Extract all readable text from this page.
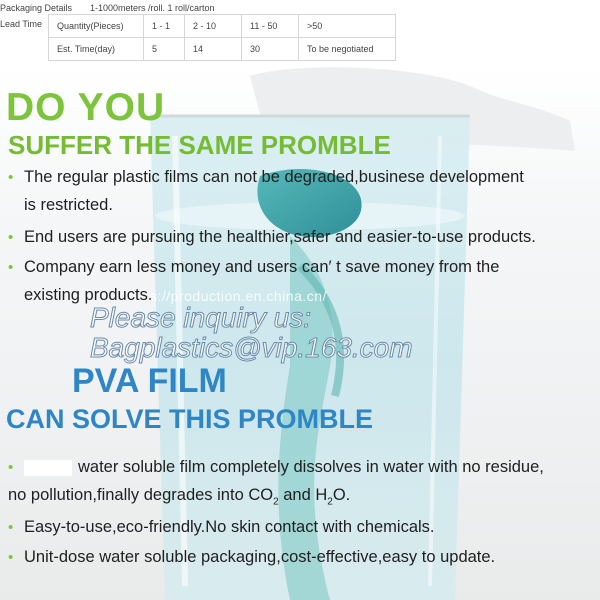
Packaging Details 1-1000meters /roll. 1 roll/carton
Lead Time Quantity(Pieces)	1 - 1	2 - 10	11 - 50	>50
Est. Time(day)	5	14	30	To be negotiated
DO YOU
SUFFER THE SAME PROMBLE
• The regular plastic films can not be degraded,businese development
is restricted.
• End users are pursuing the healthier,safer and easier-to-use products.
• Company earn less money and users can′ t save money from the
existing products.
s://production.en.china.cn/
Please inquiry us:
Bagplastics@vip.163.com
PVA FILM
CAN SOLVE THIS PROMBLE
•	water soluble film completely dissolves in water with no residue,
no pollution,finally degrades into $CO_2$ and $H_2O$.
• Easy-to-use,eco-friendly.No skin contact with chemicals.
• Unit-dose water soluble packaging,cost-effective,easy to update.
